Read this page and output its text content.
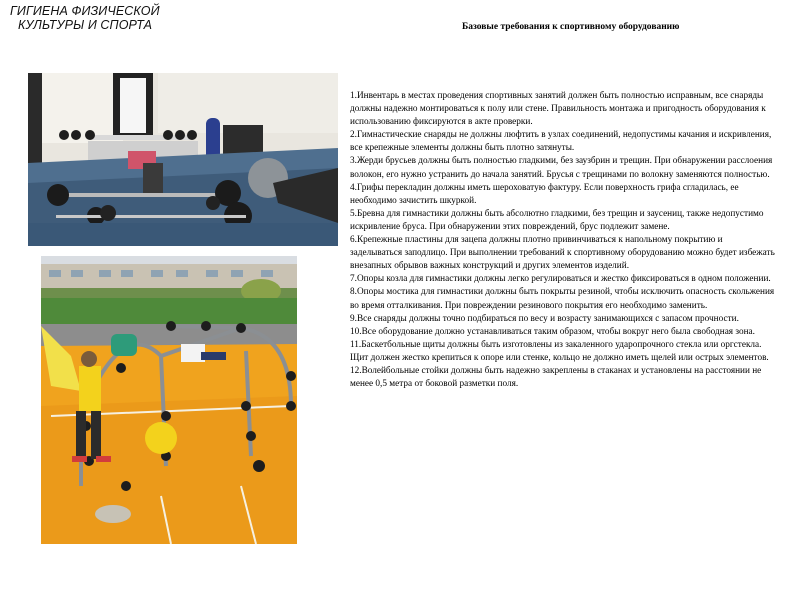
ГИГИЕНА ФИЗИЧЕСКОЙ
КУЛЬТУРЫ И СПОРТА	Базовые требования к спортивному оборудованию

1.Инвентарь в местах проведения спортивных занятий должен быть полностью исправным, все снаряды должны надежно монтироваться к полу или стене. Правильность монтажа и пригодность оборудования к использованию фиксируются в акте проверки.

2.Гимнастические снаряды не должны люфтить в узлах соединений, недопустимы качания и искривления, все крепежные элементы должны быть плотно затянуты.

3.Жерди брусьев должны быть полностью гладкими, без заузбрин и трещин. При обнаружении расслоения волокон, его нужно устранить до начала занятий. Брусья с трещинами по волокну заменяются полностью.

4.Грифы перекладин должны иметь шероховатую фактуру. Если поверхность грифа сгладилась, ее необходимо зачистить шкуркой.

5.Бревна для гимнастики должны быть абсолютно гладкими, без трещин и заусениц, также недопустимо искривление бруса. При обнаружении этих повреждений, брус подлежит замене.

6.Крепежные пластины для зацепа должны плотно привинчиваться к напольному покрытию и заделываться заподлицо. При выполнении требований к спортивному оборудованию можно будет избежать внезапных обрывов важных конструкций и других элементов изделий.

7.Опоры козла для гимнастики должны легко регулироваться и жестко фиксироваться в одном положении.

8.Опоры мостика для гимнастики должны быть покрыты резиной, чтобы исключить опасность скольжения во время отталкивания. При повреждении резинового покрытия его необходимо заменить.

9.Все снаряды должны точно подбираться по весу и возрасту занимающихся с запасом прочности.

10.Все оборудование должно устанавливаться таким образом, чтобы вокруг него была свободная зона.

11.Баскетбольные щиты должны быть изготовлены из закаленного ударопрочного стекла или оргстекла. Щит должен жестко крепиться к опоре или стенке, кольцо не должно иметь щелей или острых элементов.

12.Волейбольные стойки должны быть надежно закреплены в стаканах и установлены на расстоянии не менее 0,5 метра от боковой разметки поля.
